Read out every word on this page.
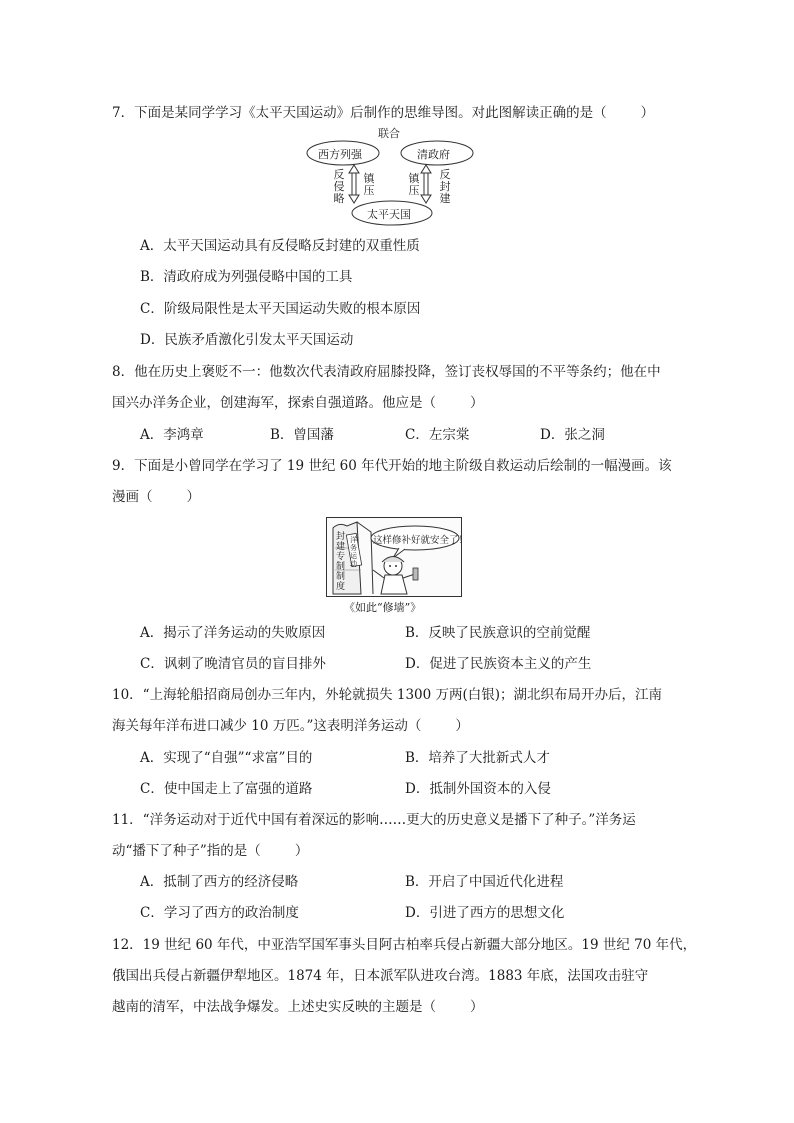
7．下面是某同学学习《太平天国运动》后制作的思维导图。对此图解读正确的是（	）
联合
西方列强	清政府
太平天国
反侵略
镇压
镇压
反封建
A．太平天国运动具有反侵略反封建的双重性质
B．清政府成为列强侵略中国的工具
C．阶级局限性是太平天国运动失败的根本原因
D．民族矛盾激化引发太平天国运动
8．他在历史上褒贬不一：他数次代表清政府屈膝投降，签订丧权辱国的不平等条约；他在中
国兴办洋务企业，创建海军，探索自强道路。他应是（	）
A．李鸿章	B．曾国藩	C．左宗棠	D．张之洞
9．下面是小曾同学在学习了 19 世纪 60 年代开始的地主阶级自救运动后绘制的一幅漫画。该
漫画（	）
这样修补好就安全了！
封建专制制度
洋务运动
《如此“修墙”》
A．揭示了洋务运动的失败原因	B．反映了民族意识的空前觉醒
C．讽刺了晚清官员的盲目排外	D．促进了民族资本主义的产生
10．“上海轮船招商局创办三年内，外轮就损失 1300 万两(白银)；湖北织布局开办后，江南
海关每年洋布进口减少 10 万匹。”这表明洋务运动（	）
A．实现了“自强”“求富”目的	B．培养了大批新式人才
C．使中国走上了富强的道路	D．抵制外国资本的入侵
11．“洋务运动对于近代中国有着深远的影响……更大的历史意义是播下了种子。”洋务运
动“播下了种子”指的是（	）
A．抵制了西方的经济侵略	B．开启了中国近代化进程
C．学习了西方的政治制度	D．引进了西方的思想文化
12．19 世纪 60 年代，中亚浩罕国军事头目阿古柏率兵侵占新疆大部分地区。19 世纪 70 年代，
俄国出兵侵占新疆伊犁地区。1874 年，日本派军队进攻台湾。1883 年底，法国攻击驻守
越南的清军，中法战争爆发。上述史实反映的主题是（	）
